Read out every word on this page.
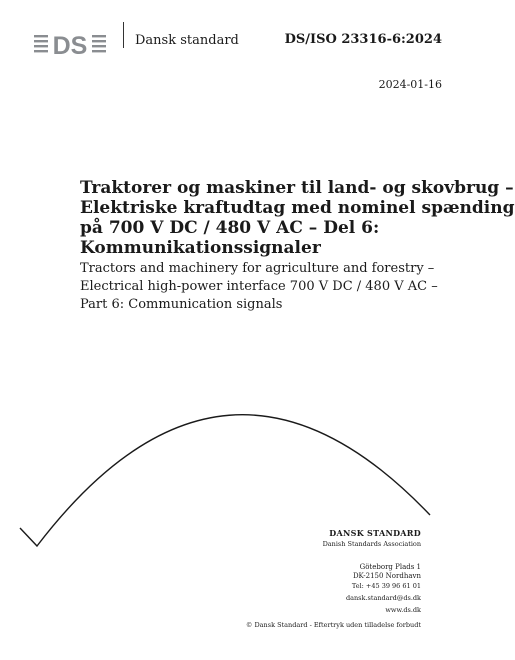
DS	Dansk standard	DS/ISO 23316-6:2024
2024-01-16
Traktorer og maskiner til land- og skovbrug –
Elektriske kraftudtag med nominel spænding
på 700 V DC / 480 V AC – Del 6:
Kommunikationssignaler
Tractors and machinery for agriculture and forestry –
Electrical high-power interface 700 V DC / 480 V AC –
Part 6: Communication signals
DANSK STANDARD
Danish Standards Association
Göteborg Plads 1
DK-2150 Nordhavn
Tel: +45 39 96 61 01
dansk.standard@ds.dk
www.ds.dk
© Dansk Standard - Eftertryk uden tilladelse forbudt
